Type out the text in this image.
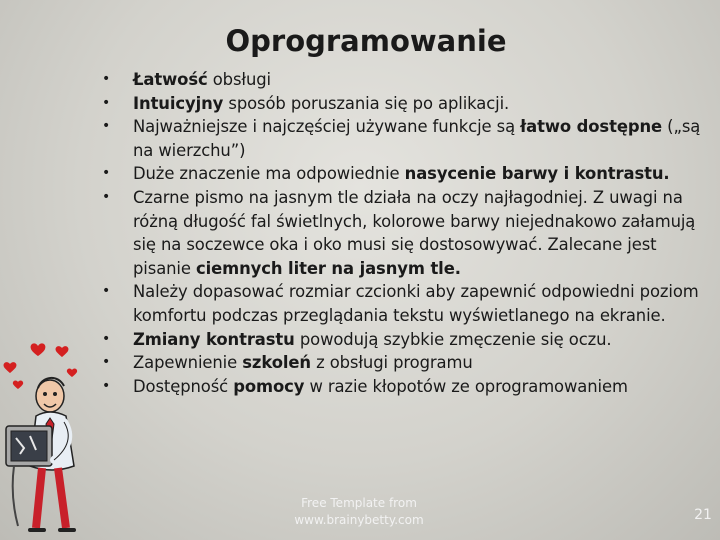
Oprogramowanie
• Łatwość obsługi
• Intuicyjny sposób poruszania się po aplikacji.
• Najważniejsze i najczęściej używane funkcje są łatwo dostępne („są na wierzchu”)
• Duże znaczenie ma odpowiednie nasycenie barwy i kontrastu.
• Czarne pismo na jasnym tle działa na oczy najłagodniej. Z uwagi na różną długość fal świetlnych, kolorowe barwy niejednakowo załamują się na soczewce oka i oko musi się dostosowywać. Zalecane jest pisanie ciemnych liter na jasnym tle.
• Należy dopasować rozmiar czcionki aby zapewnić odpowiedni poziom komfortu podczas przeglądania tekstu wyświetlanego na ekranie.
• Zmiany kontrastu powodują szybkie zmęczenie się oczu.
• Zapewnienie szkoleń z obsługi programu
• Dostępność pomocy w razie kłopotów ze oprogramowaniem
Free Template from
www.brainybetty.com	21
